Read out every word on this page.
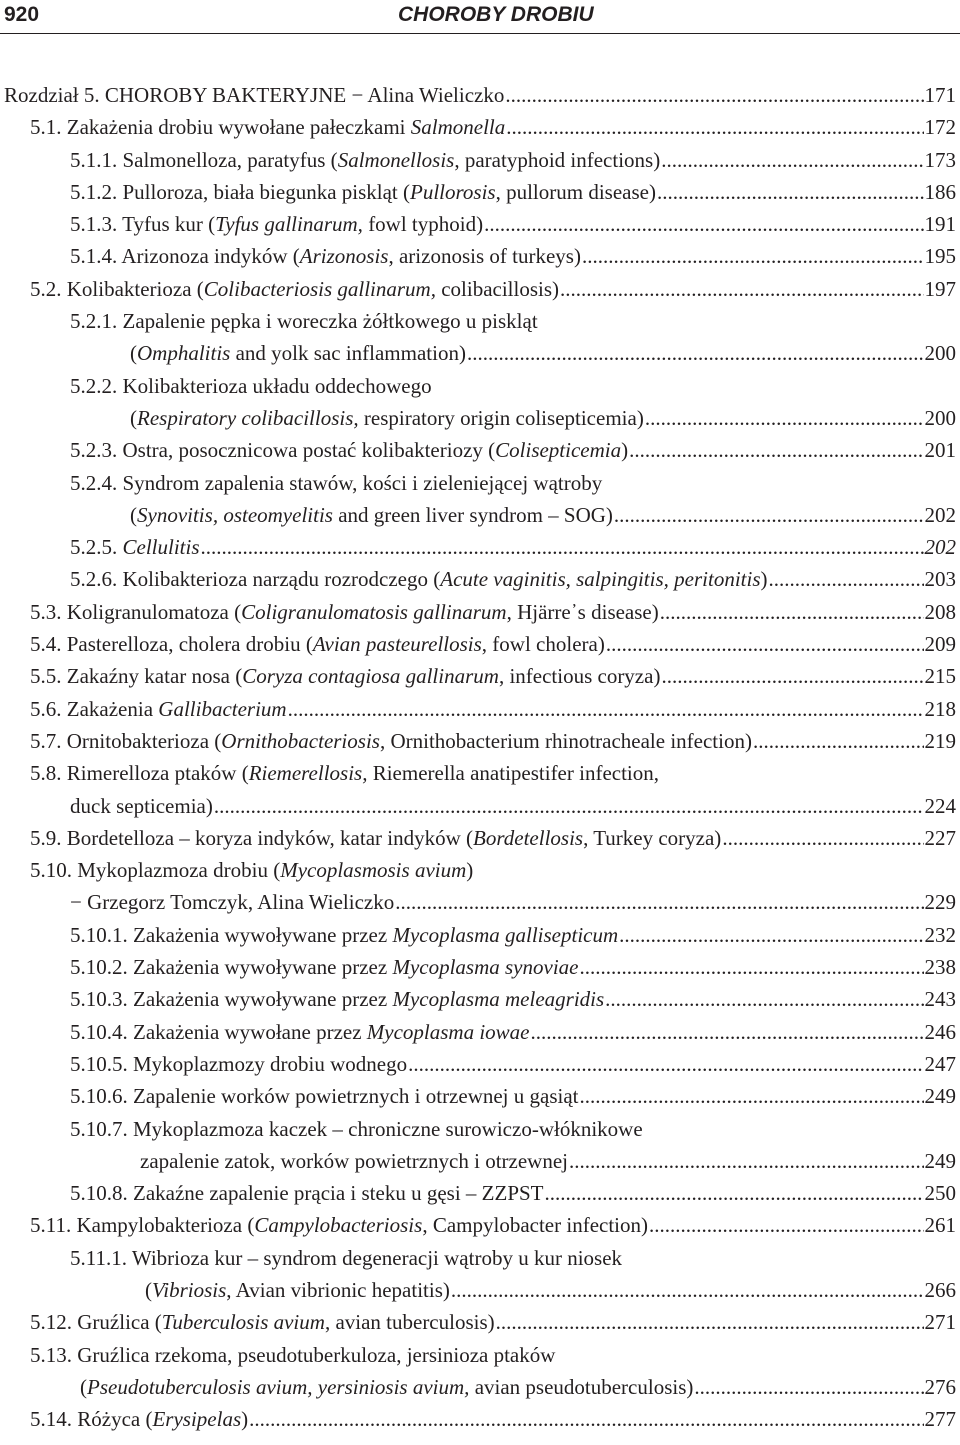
920	CHOROBY DROBIU
Rozdział 5. CHOROBY BAKTERYJNE − Alina Wieliczko .....	171
5.1. Zakażenia drobiu wywołane pałeczkami Salmonella .....	172
5.1.1. Salmonelloza, paratyfus (Salmonellosis, paratyphoid infections) .....	173
5.1.2. Pulloroza, biała biegunka piskląt (Pullorosis, pullorum disease) .....	186
5.1.3. Tyfus kur (Tyfus gallinarum, fowl typhoid) .....	191
5.1.4. Arizonoza indyków (Arizonosis, arizonosis of turkeys) .....	195
5.2. Kolibakterioza (Colibacteriosis gallinarum, colibacillosis) .....	197
5.2.1. Zapalenie pępka i woreczka żółtkowego u piskląt
(Omphalitis and yolk sac inflammation) .....	200
5.2.2. Kolibakterioza układu oddechowego
(Respiratory colibacillosis, respiratory origin colisepticemia) .....	200
5.2.3. Ostra, posocznicowa postać kolibakteriozy (Colisepticemia) .....	201
5.2.4. Syndrom zapalenia stawów, kości i zieleniejącej wątroby
(Synovitis, osteomyelitis and green liver syndrom – SOG) .....	202
5.2.5. Cellulitis .....	202
5.2.6. Kolibakterioza narządu rozrodczego (Acute vaginitis, salpingitis, peritonitis) .....	203
5.3. Koligranulomatoza (Coligranulomatosis gallinarum, Hjärre᾿s disease) .....	208
5.4. Pasterelloza, cholera drobiu (Avian pasteurellosis, fowl cholera) .....	209
5.5. Zakaźny katar nosa (Coryza contagiosa gallinarum, infectious coryza) .....	215
5.6. Zakażenia Gallibacterium .....	218
5.7. Ornitobakterioza (Ornithobacteriosis, Ornithobacterium rhinotracheale infection) .....	219
5.8. Rimerelloza ptaków (Riemerellosis, Riemerella anatipestifer infection,
duck septicemia) .....	224
5.9. Bordetelloza – koryza indyków, katar indyków (Bordetellosis, Turkey coryza) .....	227
5.10. Mykoplazmoza drobiu (Mycoplasmosis avium)
− Grzegorz Tomczyk, Alina Wieliczko .....	229
5.10.1. Zakażenia wywoływane przez Mycoplasma gallisepticum .....	232
5.10.2. Zakażenia wywoływane przez Mycoplasma synoviae .....	238
5.10.3. Zakażenia wywoływane przez Mycoplasma meleagridis .....	243
5.10.4. Zakażenia wywołane przez Mycoplasma iowae .....	246
5.10.5. Mykoplazmozy drobiu wodnego .....	247
5.10.6. Zapalenie worków powietrznych i otrzewnej u gąsiąt .....	249
5.10.7. Mykoplazmoza kaczek – chroniczne surowiczo-włóknikowe
zapalenie zatok, worków powietrznych i otrzewnej .....	249
5.10.8. Zakaźne zapalenie prącia i steku u gęsi – ZZPST .....	250
5.11. Kampylobakterioza (Campylobacteriosis, Campylobacter infection) .....	261
5.11.1. Wibrioza kur – syndrom degeneracji wątroby u kur niosek
(Vibriosis, Avian vibrionic hepatitis) .....	266
5.12. Gruźlica (Tuberculosis avium, avian tuberculosis) .....	271
5.13. Gruźlica rzekoma, pseudotuberkuloza, jersinioza ptaków
(Pseudotuberculosis avium, yersiniosis avium, avian pseudotuberculosis) .....	276
5.14. Różyca (Erysipelas) .....	277
